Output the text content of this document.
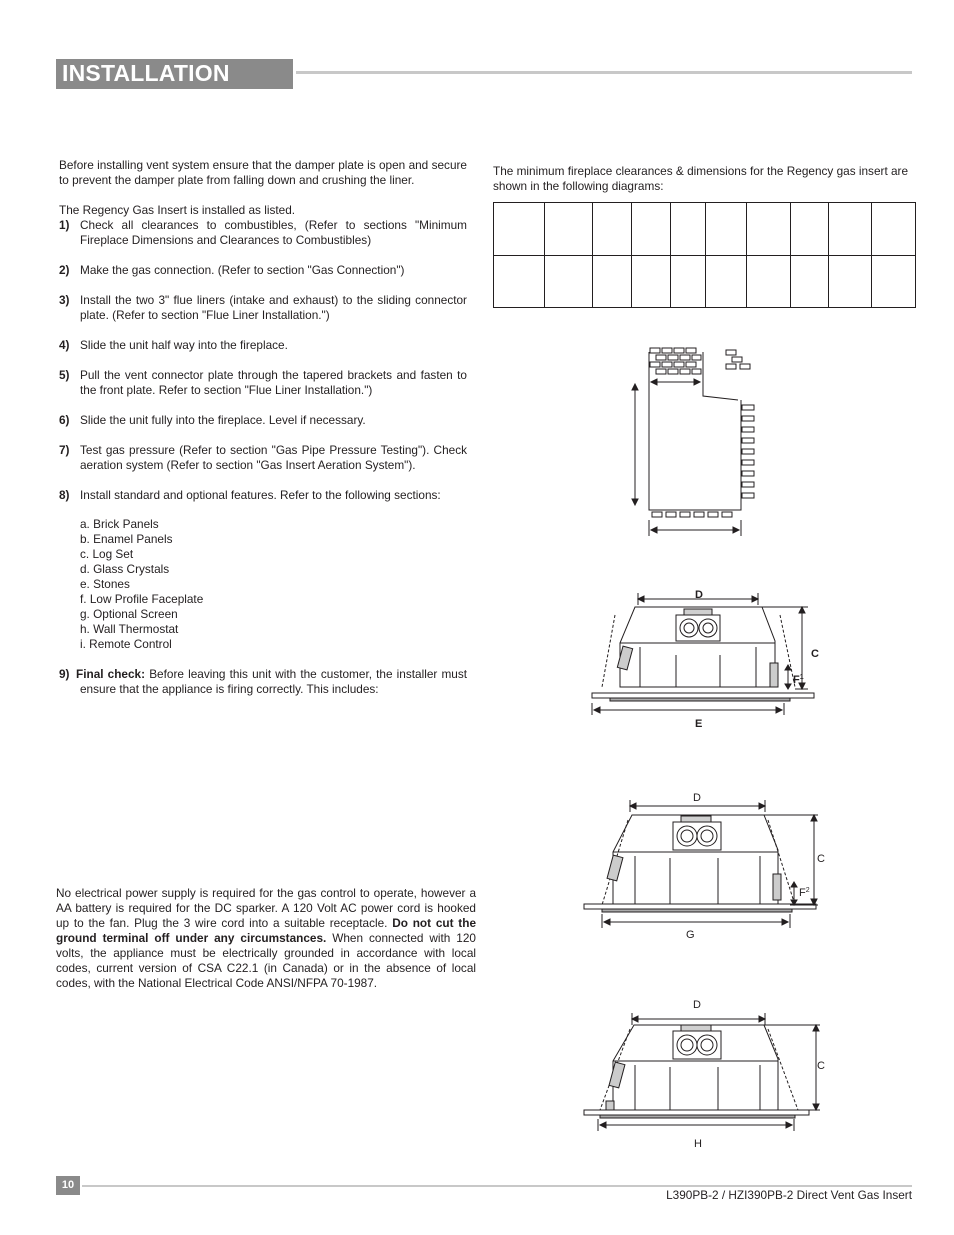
INSTALLATION
Before installing vent system ensure that the damper plate is open and secure to prevent the damper plate from falling down and crushing the liner.
The Regency Gas Insert is installed as listed.
1) Check all clearances to combustibles, (Refer to sections "Minimum Fireplace Dimensions and Clearances to Combustibles)
2) Make the gas connection. (Refer to section "Gas Connection")
3) Install the two 3" flue liners (intake and exhaust) to the sliding connector plate. (Refer to section "Flue Liner Installation.")
4) Slide the unit half way into the fireplace.
5) Pull the vent connector plate through the tapered brackets and fasten to the front plate. Refer to section "Flue Liner Installation.")
6) Slide the unit fully into the fireplace. Level if necessary.
7) Test gas pressure (Refer to section "Gas Pipe Pressure Testing"). Check aeration system (Refer to section "Gas Insert Aeration System").
8) Install standard and optional features. Refer to the following sections:
a. Brick Panels
b. Enamel Panels
c. Log Set
d. Glass Crystals
e. Stones
f. Low Profile Faceplate
g. Optional Screen
h. Wall Thermostat
i. Remote Control
9) Final check: Before leaving this unit with the customer, the installer must ensure that the appliance is firing correctly. This includes:
No electrical power supply is required for the gas control to operate, however a AA battery is required for the DC sparker. A 120 Volt AC power cord is hooked up to the fan. Plug the 3 wire cord into a suitable receptacle. Do not cut the ground terminal off under any circumstances. When connected with 120 volts, the appliance must be electrically grounded in accordance with local codes, current version of CSA C22.1 (in Canada) or in the absence of local codes, with the National Electrical Code ANSI/NFPA 70-1987.
The minimum fireplace clearances & dimensions for the Regency gas insert are shown in the following diagrams:

D
C
$F^1$
E
D
C
$F^2$
G
D
C
H
10
L390PB-2 / HZI390PB-2 Direct Vent Gas Insert
